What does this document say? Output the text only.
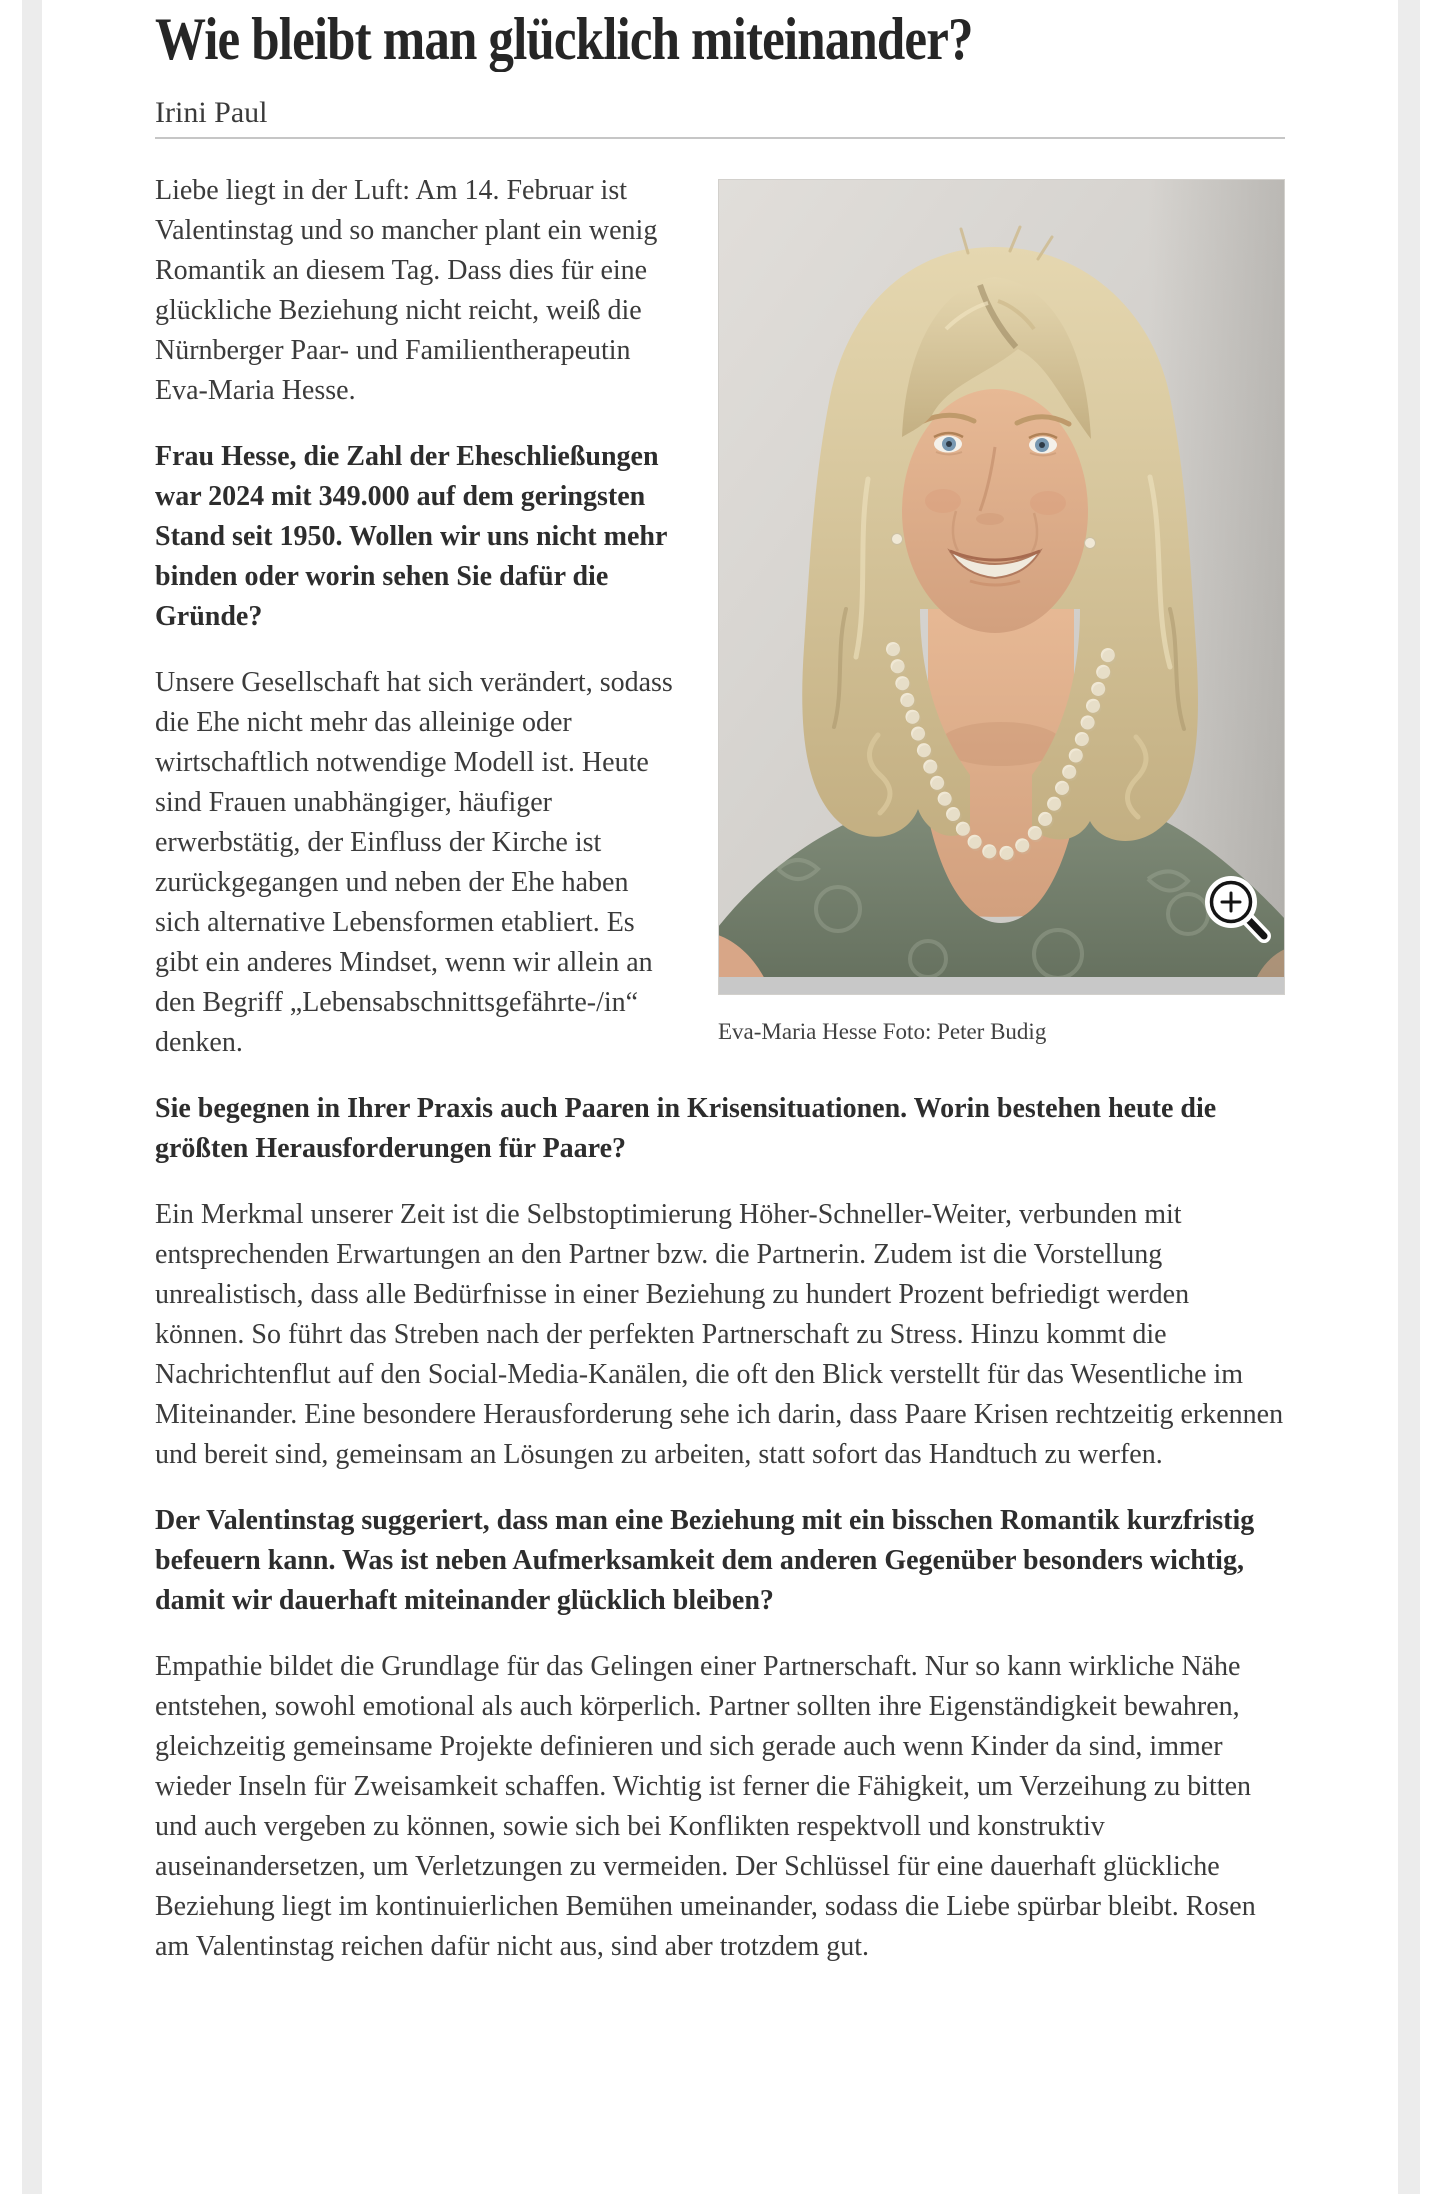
Wie bleibt man glücklich miteinander?
Irini Paul
Eva-Maria Hesse Foto: Peter Budig

Liebe liegt in der Luft: Am 14. Februar ist Valentinstag und so mancher plant ein wenig Romantik an diesem Tag. Dass dies für eine glückliche Beziehung nicht reicht, weiß die Nürnberger Paar- und Familientherapeutin Eva-Maria Hesse.

Frau Hesse, die Zahl der Eheschließungen war 2024 mit 349.000 auf dem geringsten Stand seit 1950. Wollen wir uns nicht mehr binden oder worin sehen Sie dafür die Gründe?

Unsere Gesellschaft hat sich verändert, sodass die Ehe nicht mehr das alleinige oder wirtschaftlich notwendige Modell ist. Heute sind Frauen unabhängiger, häufiger erwerbstätig, der Einfluss der Kirche ist zurückgegangen und neben der Ehe haben sich alternative Lebensformen etabliert. Es gibt ein anderes Mindset, wenn wir allein an den Begriff „Lebensabschnittsgefährte-/in“ denken.

Sie begegnen in Ihrer Praxis auch Paaren in Krisensituationen. Worin bestehen heute die größten Herausforderungen für Paare?

Ein Merkmal unserer Zeit ist die Selbstoptimierung Höher-Schneller-Weiter, verbunden mit entsprechenden Erwartungen an den Partner bzw. die Partnerin. Zudem ist die Vorstellung unrealistisch, dass alle Bedürfnisse in einer Beziehung zu hundert Prozent befriedigt werden können. So führt das Streben nach der perfekten Partnerschaft zu Stress. Hinzu kommt die Nachrichtenflut auf den Social-Media-Kanälen, die oft den Blick verstellt für das Wesentliche im Miteinander. Eine besondere Herausforderung sehe ich darin, dass Paare Krisen rechtzeitig erkennen und bereit sind, gemeinsam an Lösungen zu arbeiten, statt sofort das Handtuch zu werfen.

Der Valentinstag suggeriert, dass man eine Beziehung mit ein bisschen Romantik kurzfristig befeuern kann. Was ist neben Aufmerksamkeit dem anderen Gegenüber besonders wichtig, damit wir dauerhaft miteinander glücklich bleiben?

Empathie bildet die Grundlage für das Gelingen einer Partnerschaft. Nur so kann wirkliche Nähe entstehen, sowohl emotional als auch körperlich. Partner sollten ihre Eigenständigkeit bewahren, gleichzeitig gemeinsame Projekte definieren und sich gerade auch wenn Kinder da sind, immer wieder Inseln für Zweisamkeit schaffen. Wichtig ist ferner die Fähigkeit, um Verzeihung zu bitten und auch vergeben zu können, sowie sich bei Konflikten respektvoll und konstruktiv auseinandersetzen, um Verletzungen zu vermeiden. Der Schlüssel für eine dauerhaft glückliche Beziehung liegt im kontinuierlichen Bemühen umeinander, sodass die Liebe spürbar bleibt. Rosen am Valentinstag reichen dafür nicht aus, sind aber trotzdem gut.
